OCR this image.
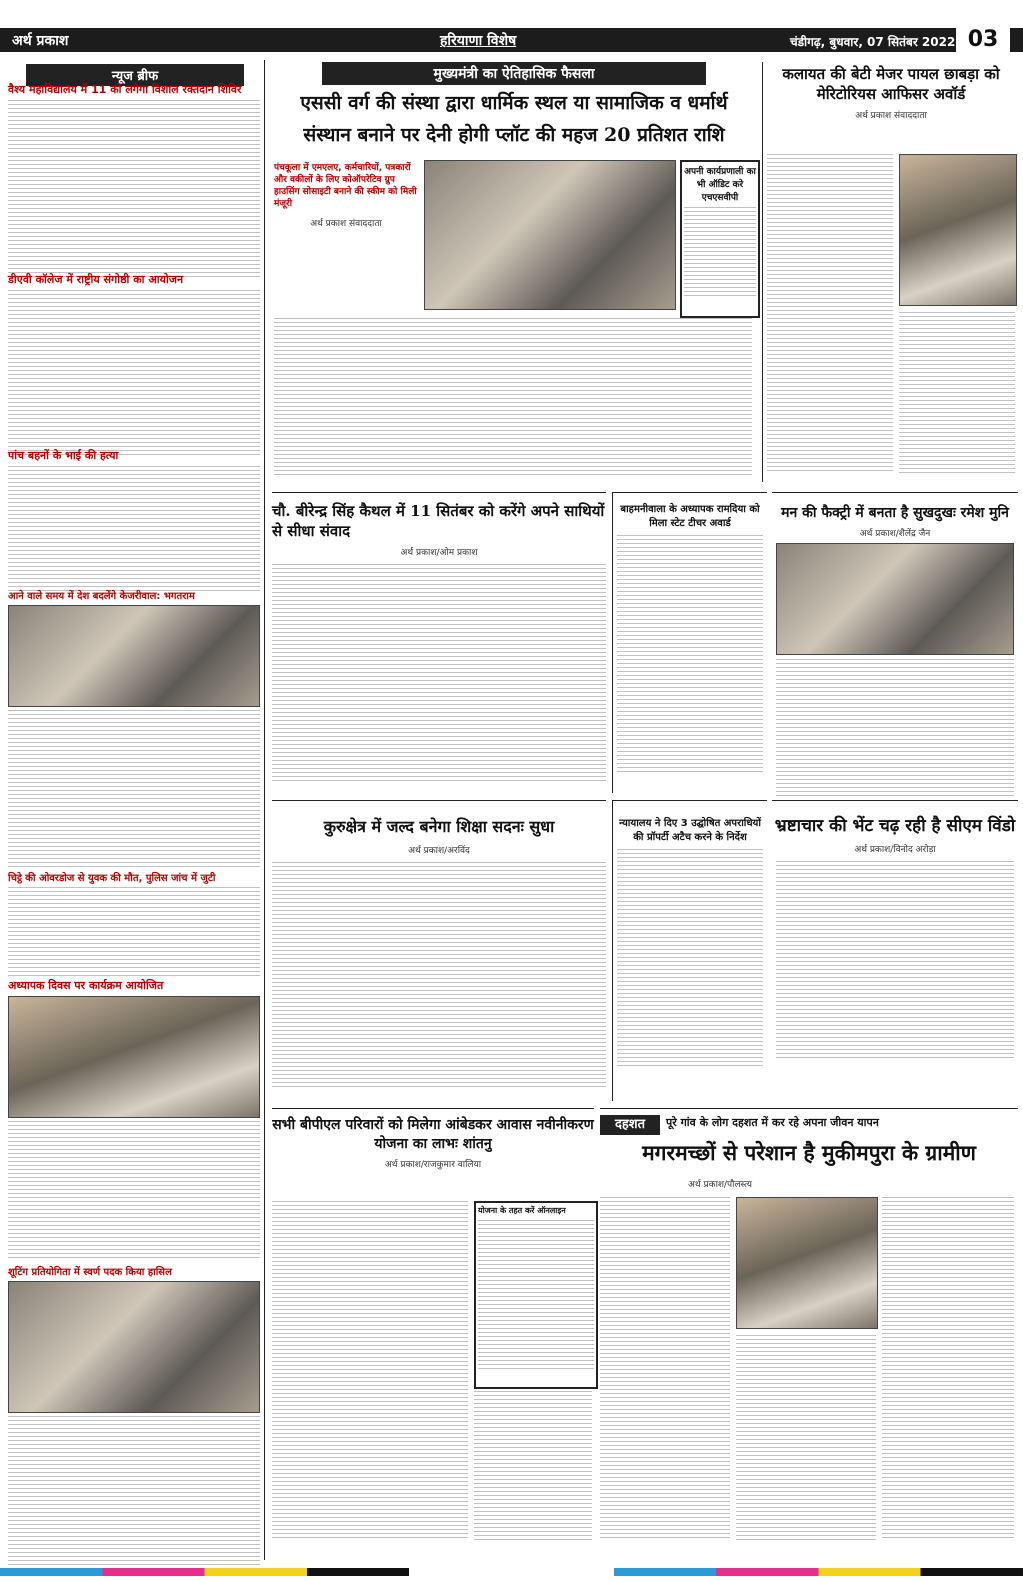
अर्थ प्रकाश	हरियाणा विशेष	चंडीगढ़, बुधवार, 07 सितंबर 2022 03
न्यूज ब्रीफ
वैश्य महाविद्यालय में 11 को लगेगा विशाल रक्तदान शिविर
डीएवी कॉलेज में राष्ट्रीय संगोष्ठी का आयोजन
पांच बहनों के भाई की हत्या
आने वाले समय में देश बदलेंगे केजरीवाल: भगतराम
चिट्ठे की ओवरडोज से युवक की मौत, पुलिस जांच में जुटी
अध्यापक दिवस पर कार्यक्रम आयोजित
शूटिंग प्रतियोगिता में स्वर्ण पदक किया हासिल
मुख्यमंत्री का ऐतिहासिक फैसला
एससी वर्ग की संस्था द्वारा धार्मिक स्थल या सामाजिक व धर्मार्थ
संस्थान बनाने पर देनी होगी प्लॉट की महज 20 प्रतिशत राशि
पंचकूला में एमएलए, कर्मचारियों, पत्रकारों और वकीलों के लिए कोऑपरेटिव ग्रुप हाउसिंग सोसाइटी बनाने की स्कीम को मिली मंजूरी
अर्थ प्रकाश संवाददाता
अपनी कार्यप्रणाली का भी ऑडिट करे एचएसवीपी
कलायत की बेटी मेजर पायल छाबड़ा को मेरिटोरियस आफिसर अवॉर्ड
अर्थ प्रकाश संवाददाता
चौ. बीरेन्द्र सिंह कैथल में 11 सितंबर को करेंगे अपने साथियों से सीधा संवाद
अर्थ प्रकाश/ओम प्रकाश
बाहमनीवाला के अध्यापक रामदिया को मिला स्टेट टीचर अवार्ड
मन की फैक्ट्री में बनता है सुखदुखः रमेश मुनि
अर्थ प्रकाश/शैलेंद्र जैन
कुरुक्षेत्र में जल्द बनेगा शिक्षा सदनः सुधा
अर्थ प्रकाश/अरविंद
न्यायालय ने दिए 3 उद्घोषित अपराधियों की प्रॉपर्टी अटैच करने के निर्देश
भ्रष्टाचार की भेंट चढ़ रही है सीएम विंडो
अर्थ प्रकाश/विनोद अरोड़ा
सभी बीपीएल परिवारों को मिलेगा आंबेडकर आवास नवीनीकरण योजना का लाभः शांतनु
अर्थ प्रकाश/राजकुमार वालिया
योजना के तहत करें ऑनलाइन
दहशत	पूरे गांव के लोग दहशत में कर रहे अपना जीवन यापन
मगरमच्छों से परेशान है मुकीमपुरा के ग्रामीण
अर्थ प्रकाश/पौलस्त्य
